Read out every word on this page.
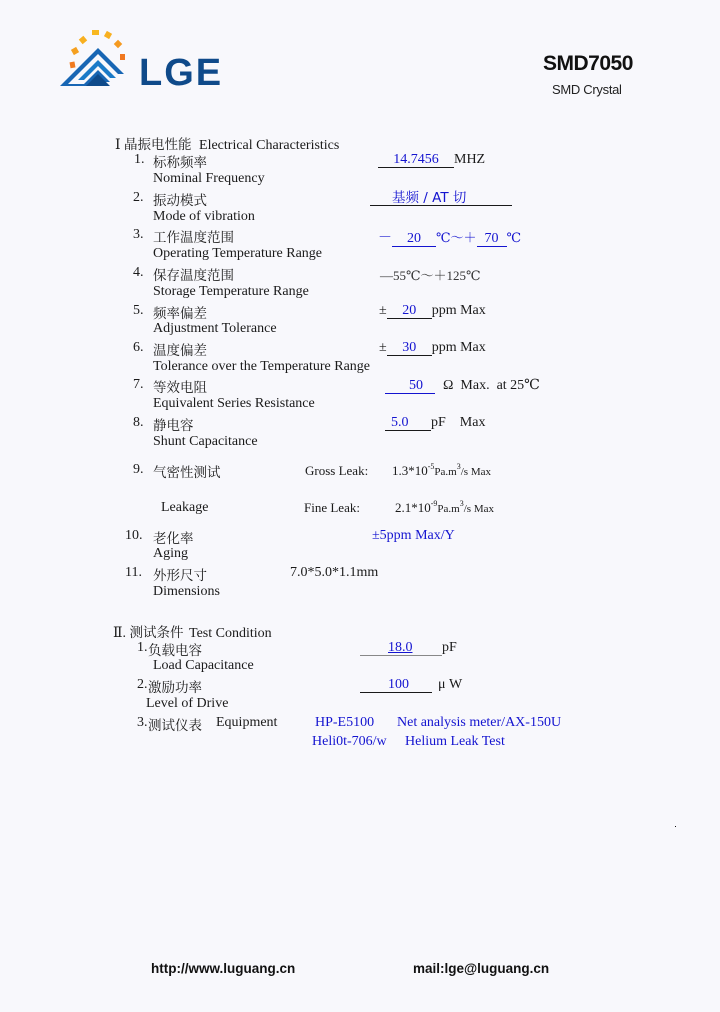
LGE	SMD7050
SMD Crystal
Ⅰ 晶振电性能 Electrical Characteristics
1. 标称频率
Nominal Frequency
14.7456 MHZ
2. 振动模式
Mode of vibration
基频 / AT 切
3. 工作温度范围
Operating Temperature Range
－ 20 ℃～＋ 70 ℃
4. 保存温度范围
Storage Temperature Range
—55℃～＋125℃
5. 频率偏差
Adjustment Tolerance
± 20 ppm Max
6. 温度偏差
Tolerance over the Temperature Range
± 30 ppm Max
7. 等效电阻
Equivalent Series Resistance
50 Ω  Max.  at 25℃
8. 静电容
Shunt Capacitance
5.0 pF    Max
9. 气密性测试
Leakage
Gross Leak: $1.3*10^{-5}Pa.m^3/s$ Max
Fine Leak:	$2.1*10^{-9}Pa.m^3/s$ Max
10. 老化率
Aging
±5ppm Max/Y
11. 外形尺寸
Dimensions
7.0*5.0*1.1mm
Ⅱ. 测试条件 Test Condition
1. 负载电容
Load Capacitance
18.0 pF
2. 激励功率
Level of Drive
100 μ W
3. 测试仪表 Equipment	HP-E5100 Net analysis meter/AX-150U
Heli0t-706/w Helium Leak Test
http://www.luguang.cn	mail:lge@luguang.cn
